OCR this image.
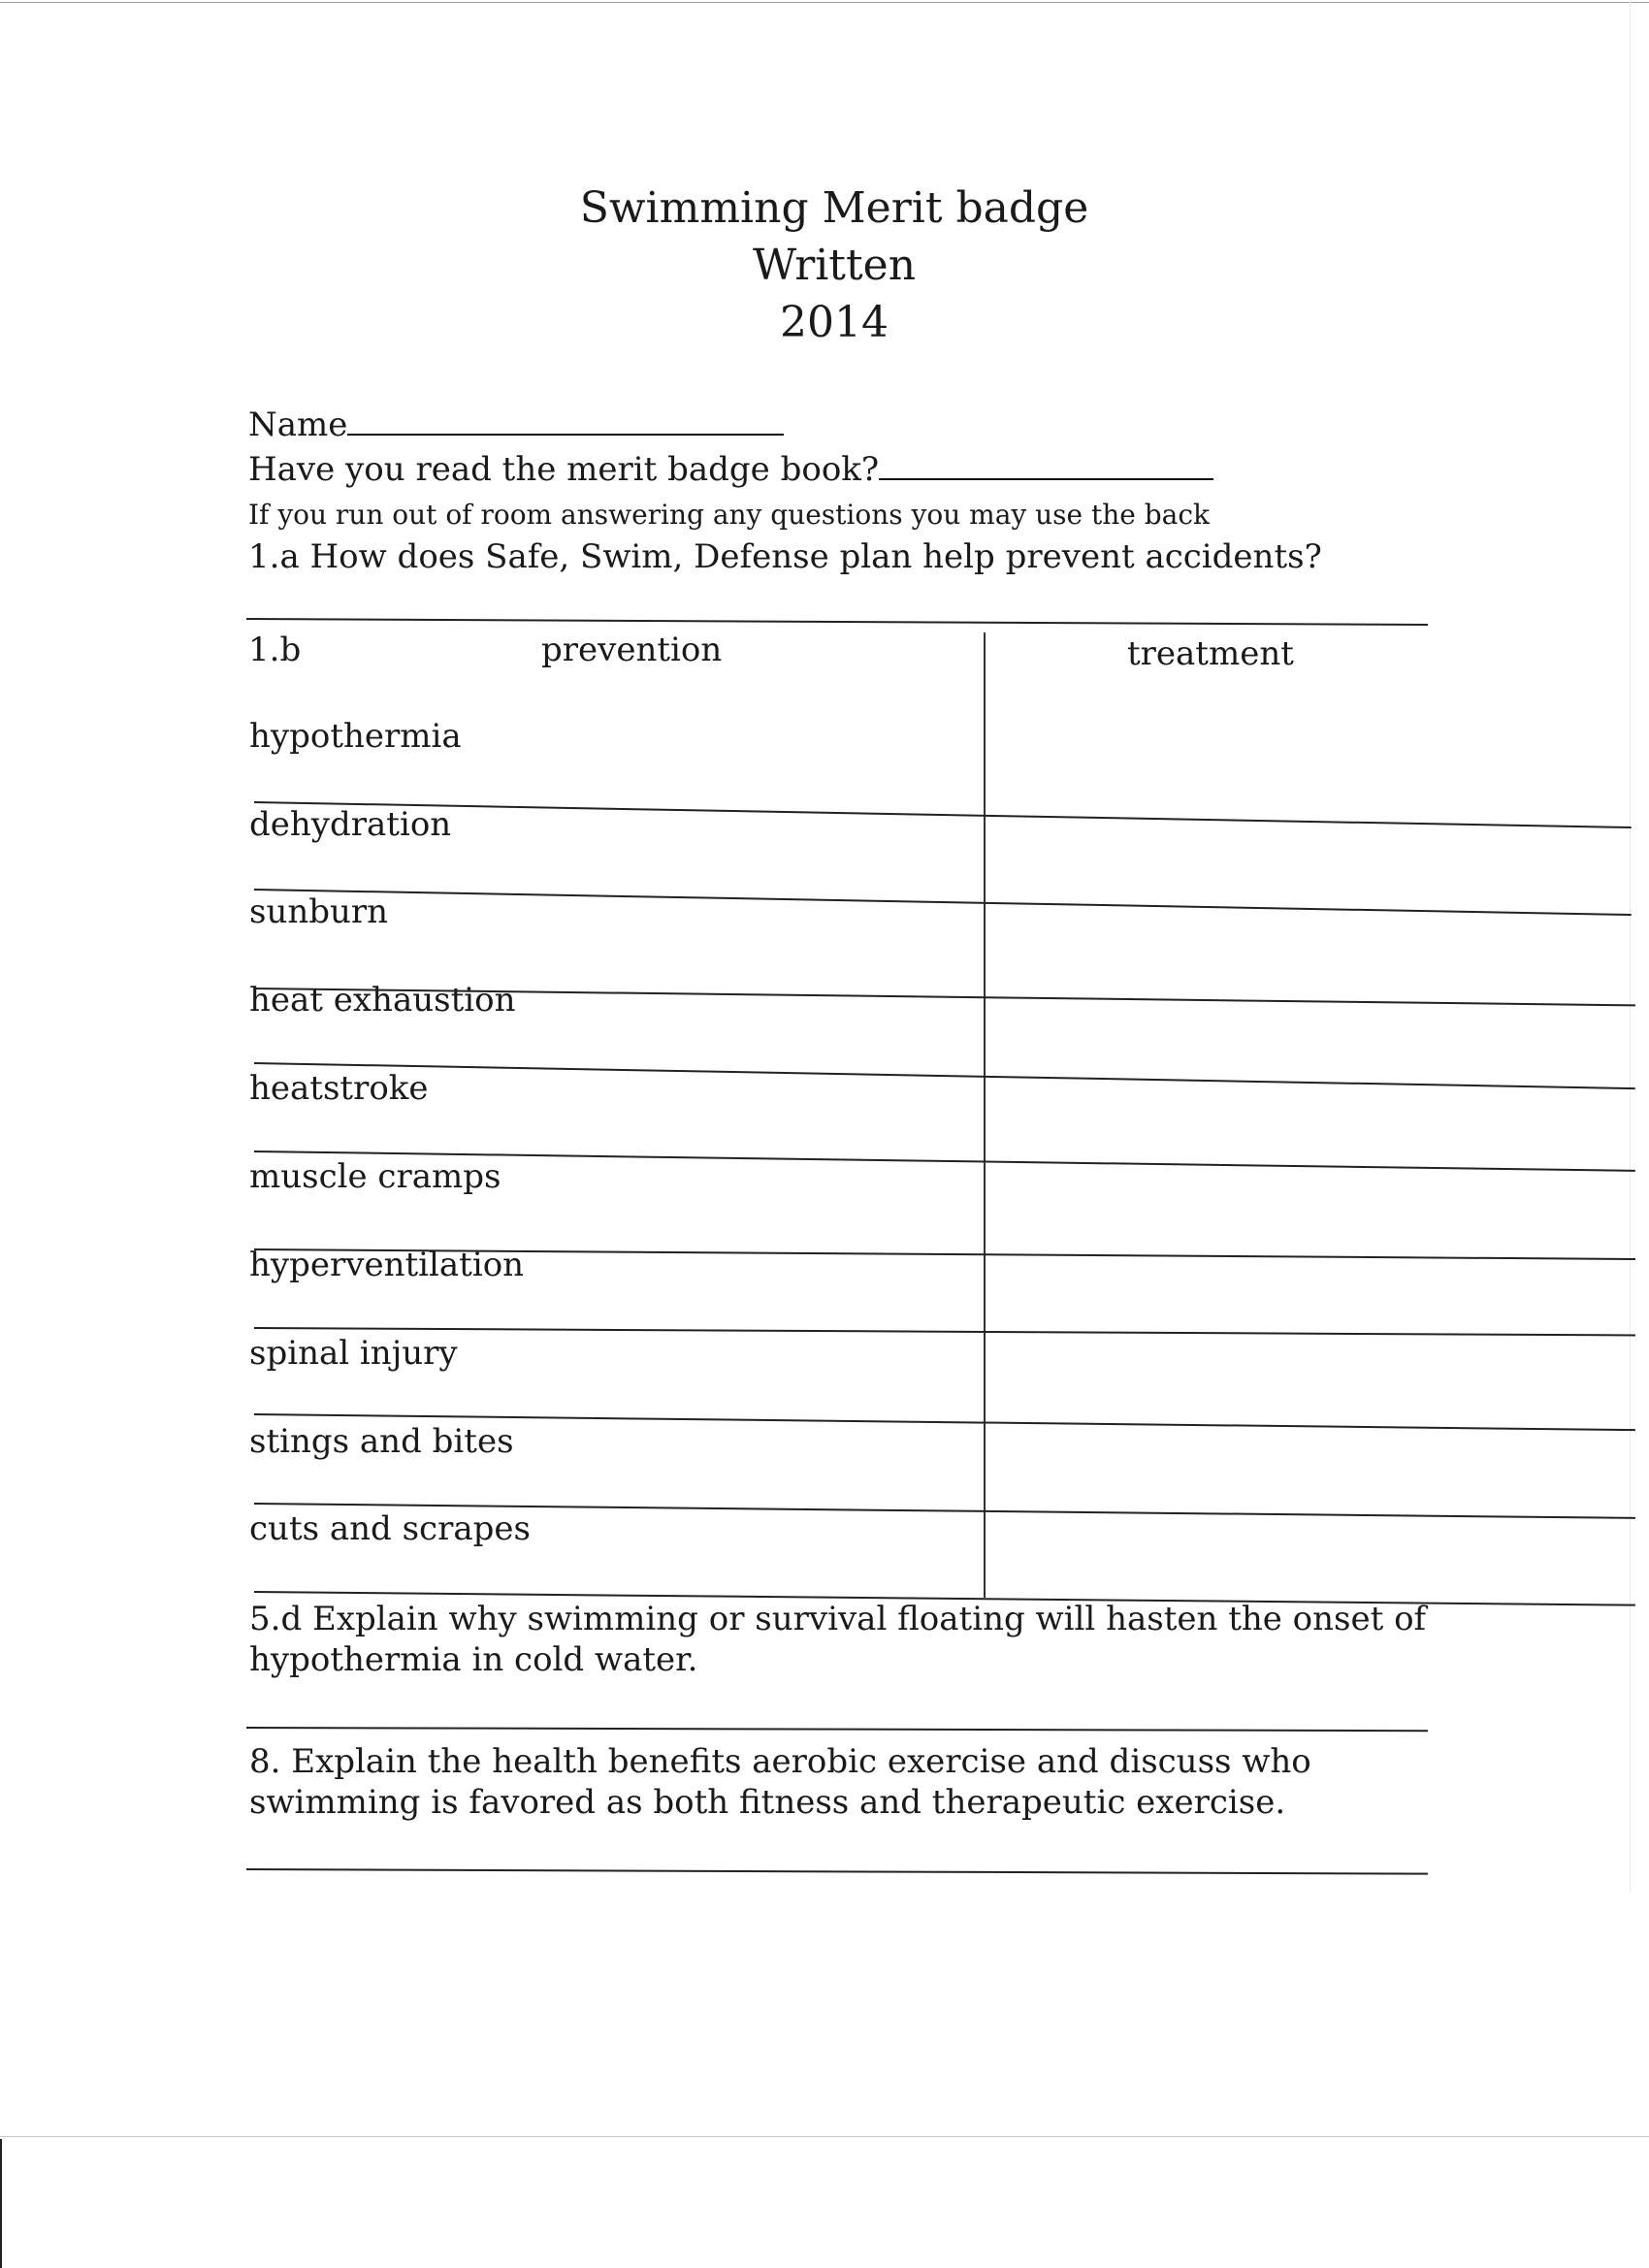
Swimming Merit badge
Written
2014
Name
Have you read the merit badge book?
If you run out of room answering any questions you may use the back
1.a How does Safe, Swim, Defense plan help prevent accidents?
1.b	prevention	treatment
hypothermia
dehydration
sunburn
heat exhaustion
heatstroke
muscle cramps
hyperventilation
spinal injury
stings and bites
cuts and scrapes
5.d Explain why swimming or survival floating will hasten the onset of hypothermia in cold water.
8. Explain the health benefits aerobic exercise and discuss who swimming is favored as both fitness and therapeutic exercise.
